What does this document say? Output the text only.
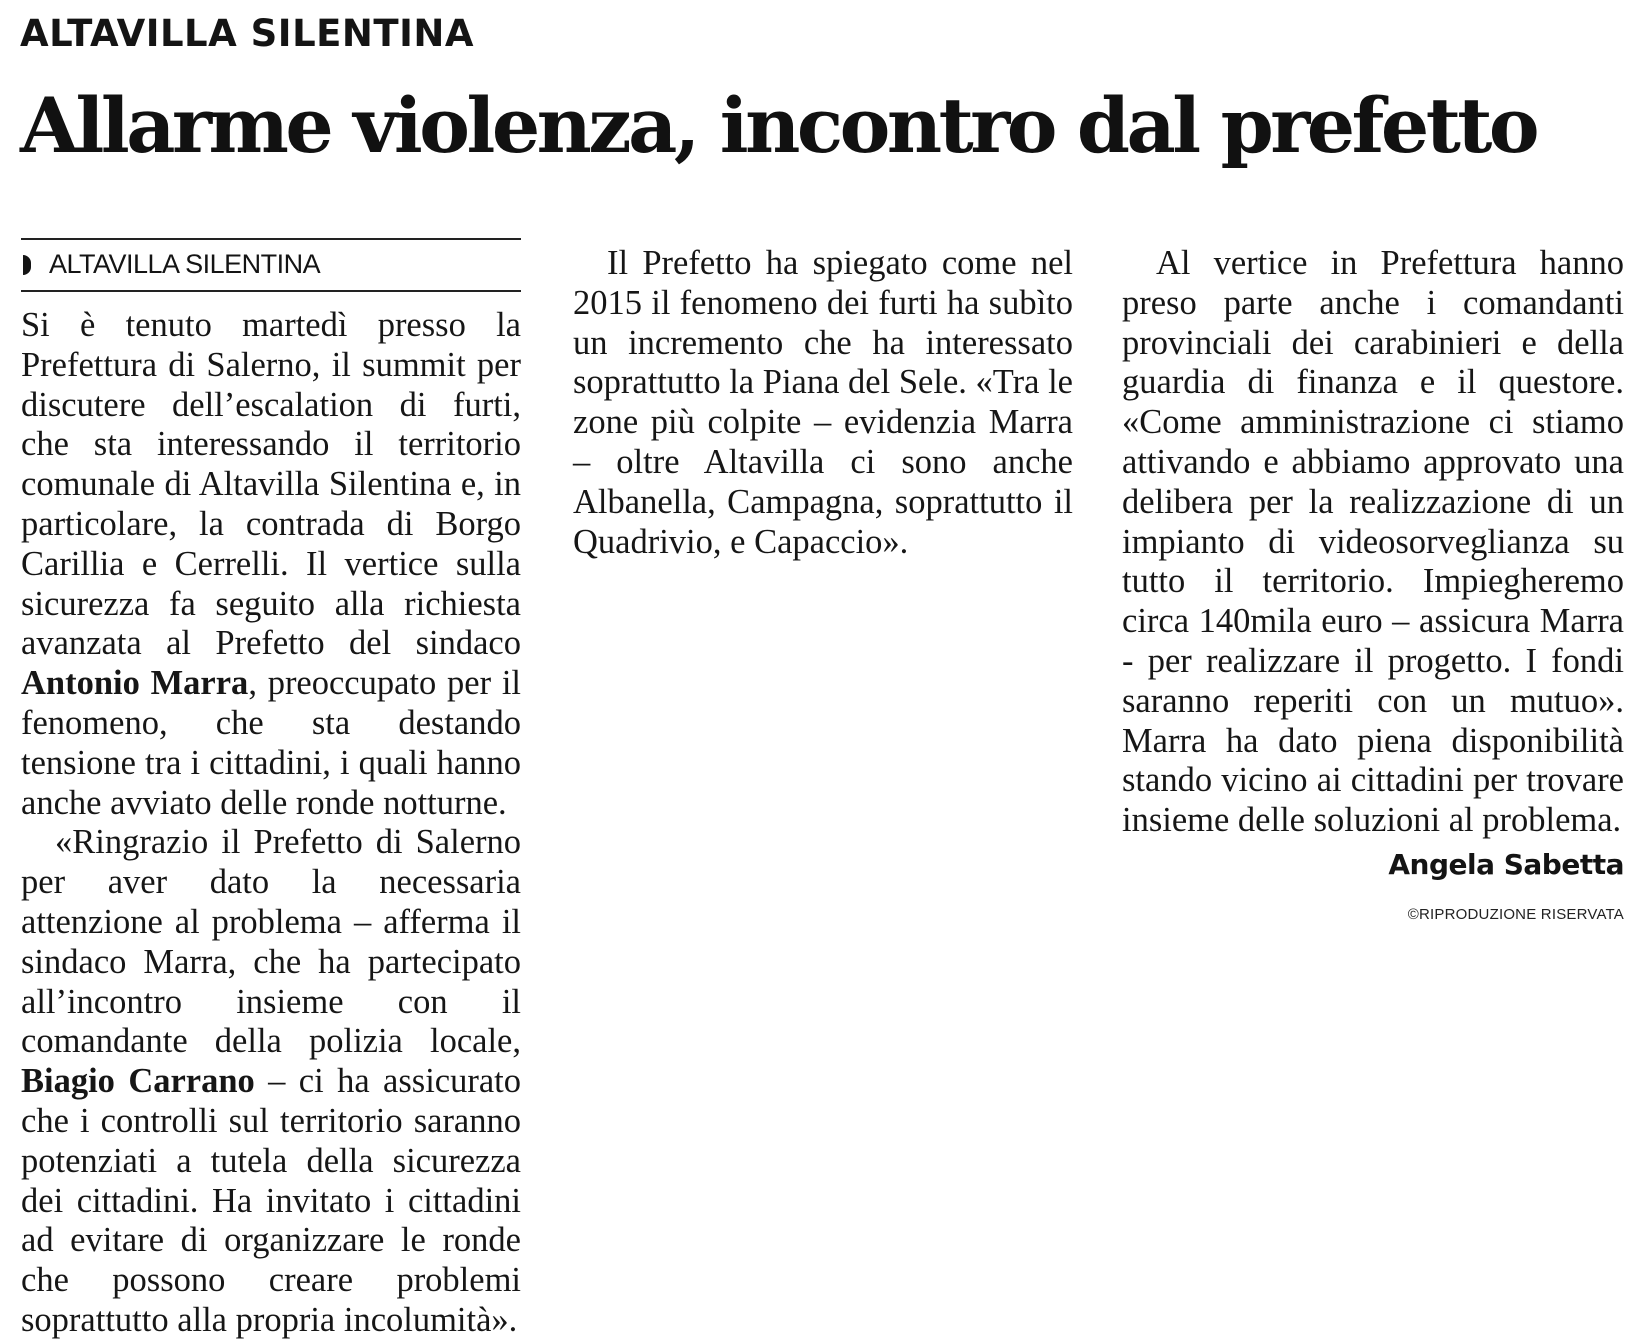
ALTAVILLA SILENTINA
Allarme violenza, incontro dal prefetto
ALTAVILLA SILENTINA

Si è tenuto martedì presso la Prefettura di Salerno, il summit per discutere dell’escalation di furti, che sta interessando il territorio comunale di Altavilla Silentina e, in particolare, la contrada di Borgo Carillia e Cerrelli. Il vertice sulla sicurezza fa seguito alla richiesta avanzata al Prefetto del sindaco Antonio Marra, preoccupato per il fenomeno, che sta destando tensione tra i cittadini, i quali hanno anche avviato delle ronde notturne.

«Ringrazio il Prefetto di Salerno per aver dato la necessaria attenzione al problema – afferma il sindaco Marra, che ha partecipato all’incontro insieme con il comandante della polizia locale, Biagio Carrano – ci ha assicurato che i controlli sul territorio saranno potenziati a tutela della sicurezza dei cittadini. Ha invitato i cittadini ad evitare di organizzare le ronde che possono creare problemi soprattutto alla propria incolumità».

Il Prefetto ha spiegato come nel 2015 il fenomeno dei furti ha subìto un incremento che ha interessato soprattutto la Piana del Sele. «Tra le zone più colpite – evidenzia Marra – oltre Altavilla ci sono anche Albanella, Campagna, soprattutto il Quadrivio, e Capaccio».

Al vertice in Prefettura hanno preso parte anche i comandanti provinciali dei carabinieri e della guardia di finanza e il questore. «Come amministrazione ci stiamo attivando e abbiamo approvato una delibera per la realizzazione di un impianto di videosorveglianza su tutto il territorio. Impiegheremo circa 140mila euro – assicura Marra - per realizzare il progetto. I fondi saranno reperiti con un mutuo». Marra ha dato piena disponibilità stando vicino ai cittadini per trovare insieme delle soluzioni al problema.

Angela Sabetta
©RIPRODUZIONE RISERVATA
